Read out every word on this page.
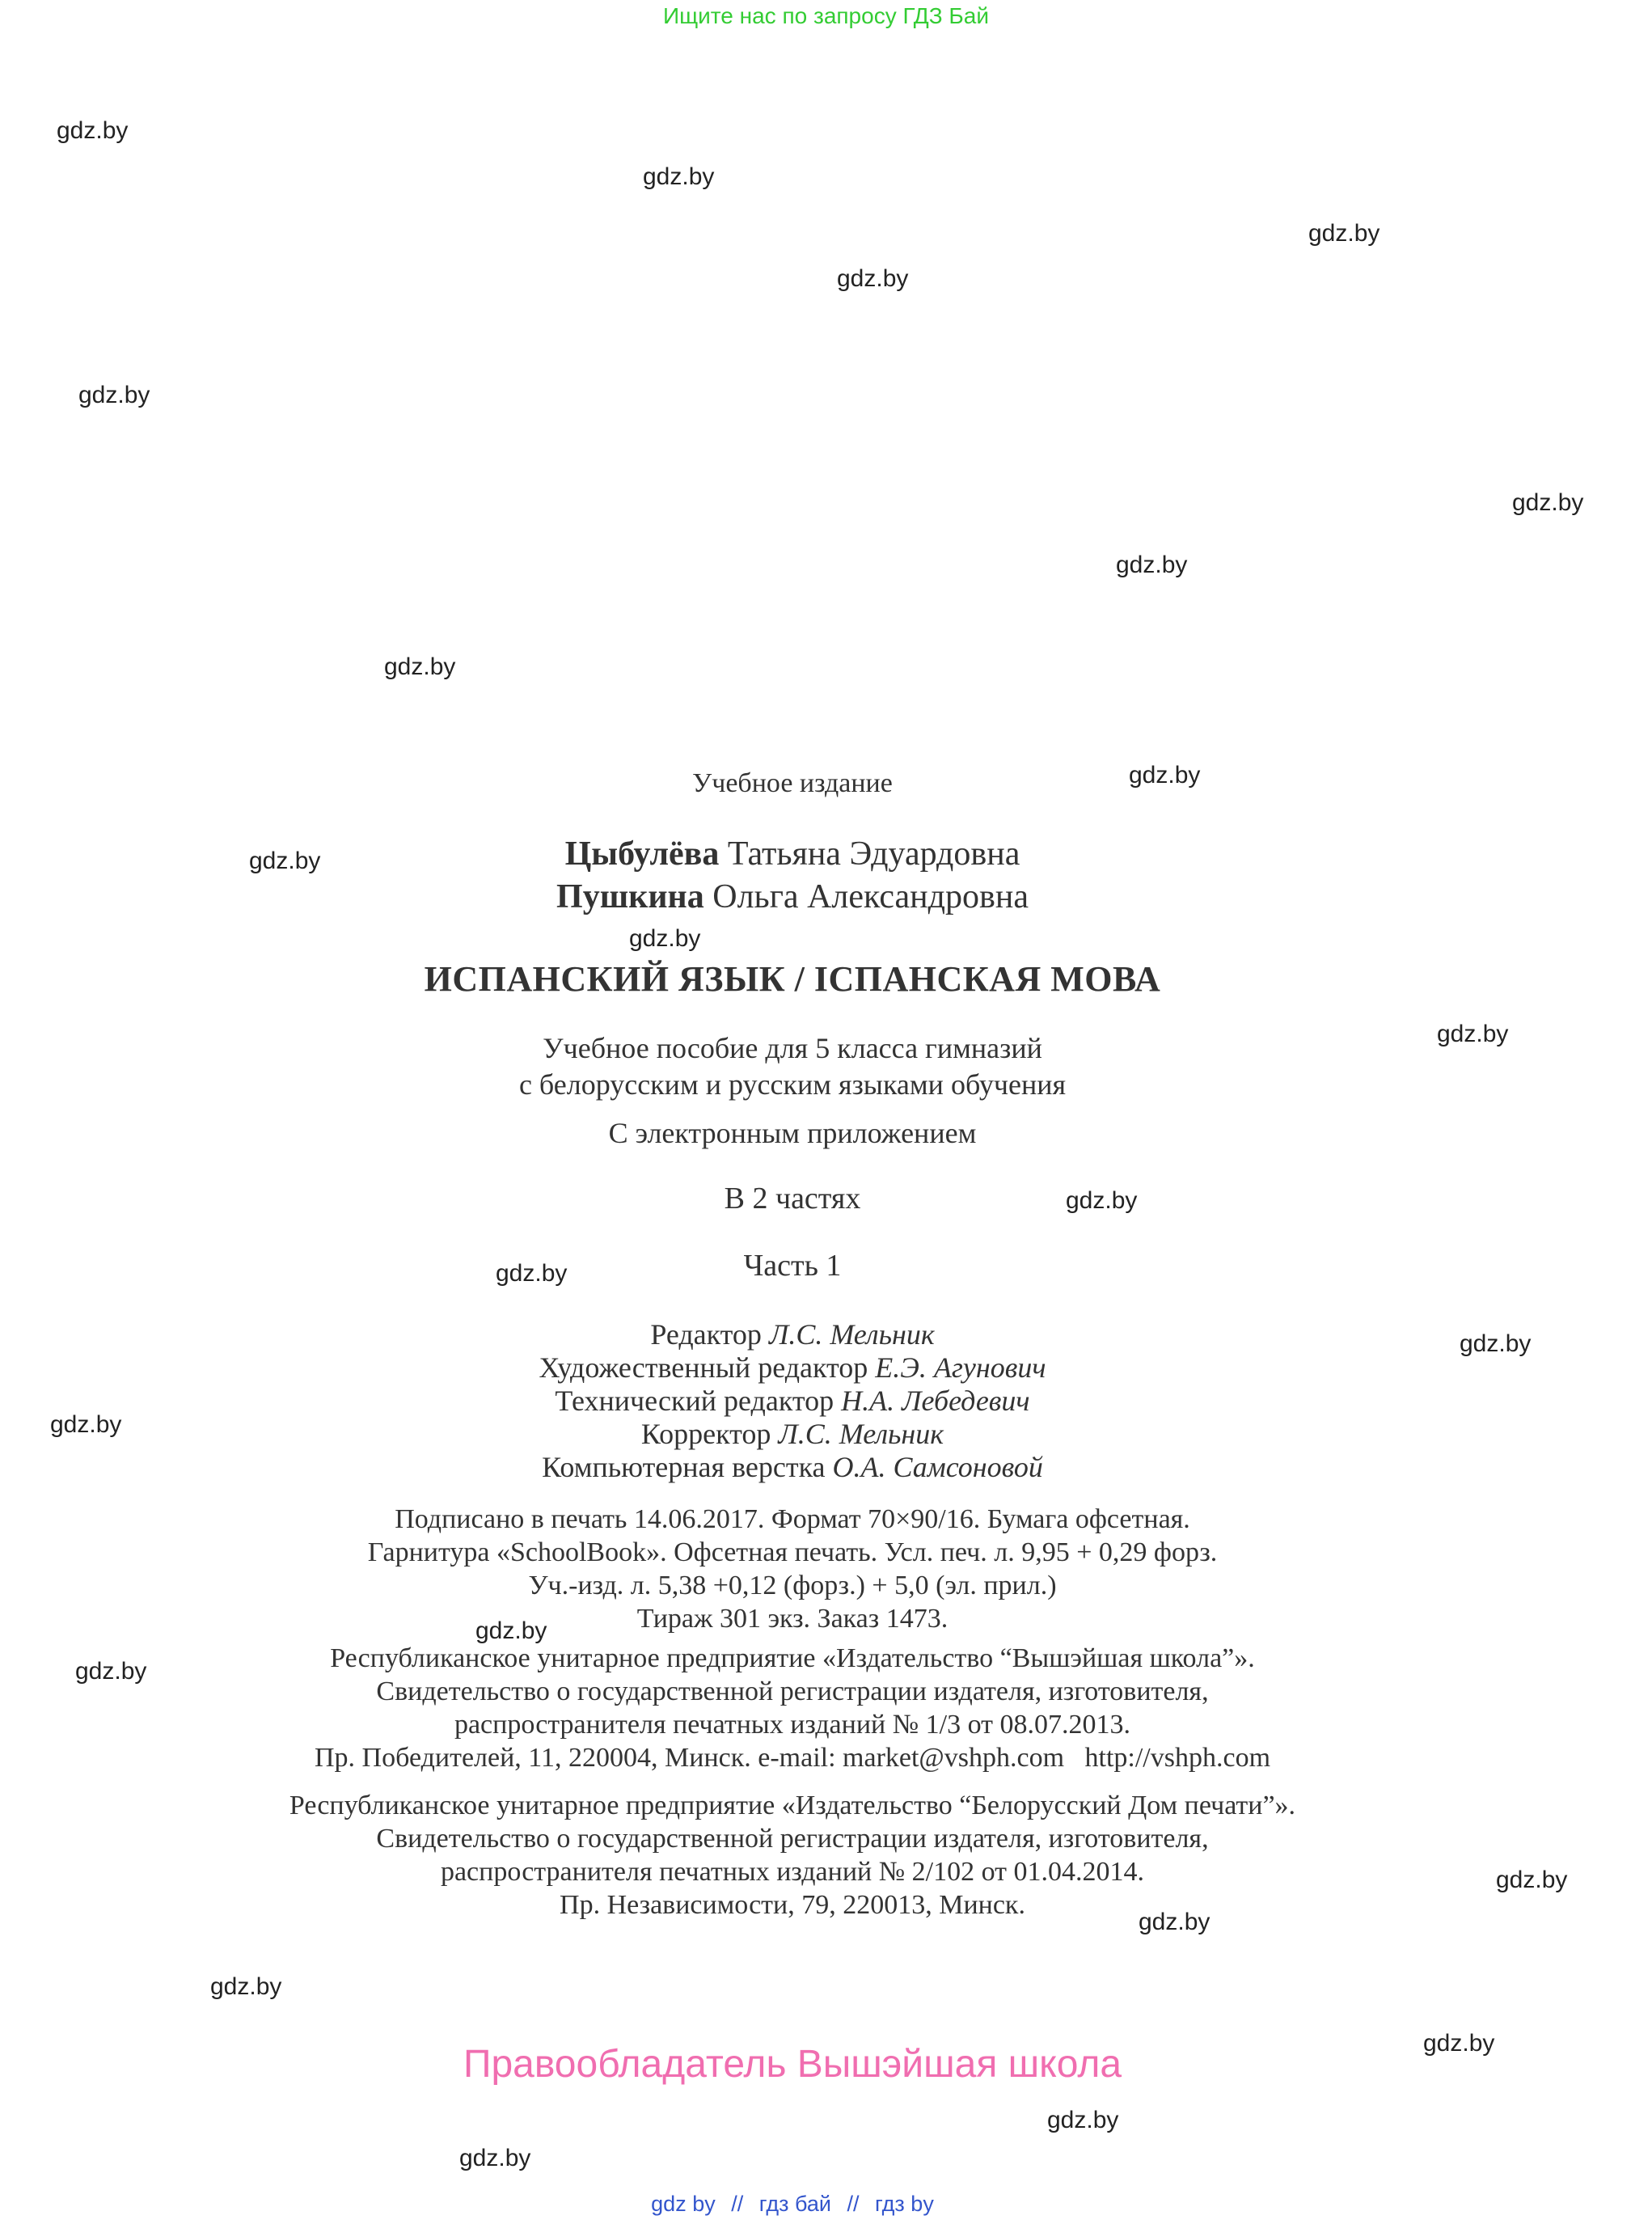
Ищите нас по запросу ГДЗ Бай
gdz.by
gdz.by
gdz.by
gdz.by
gdz.by
gdz.by
gdz.by
gdz.by
gdz.by
gdz.by
gdz.by
gdz.by
gdz.by
gdz.by
gdz.by
gdz.by
gdz.by
gdz.by
gdz.by
gdz.by
gdz.by
gdz.by
gdz.by
gdz.by
Учебное издание
Цыбулёва Татьяна Эдуардовна
Пушкина Ольга Александровна
ИСПАНСКИЙ ЯЗЫК / ІСПАНСКАЯ МОВА
Учебное пособие для 5 класса гимназий
с белорусским и русским языками обучения
С электронным приложением
В 2 частях
Часть 1
Редактор Л.С. Мельник
Художественный редактор Е.Э. Агунович
Технический редактор Н.А. Лебедевич
Корректор Л.С. Мельник
Компьютерная верстка О.А. Самсоновой
Подписано в печать 14.06.2017. Формат 70×90/16. Бумага офсетная.
Гарнитура «SchoolBook». Офсетная печать. Усл. печ. л. 9,95 + 0,29 форз.
Уч.-изд. л. 5,38 +0,12 (форз.) + 5,0 (эл. прил.)
Тираж 301 экз. Заказ 1473.
Республиканское унитарное предприятие «Издательство “Вышэйшая школа”».
Свидетельство о государственной регистрации издателя, изготовителя,
распространителя печатных изданий № 1/3 от 08.07.2013.
Пр. Победителей, 11, 220004, Минск. e-mail: market@vshph.com   http://vshph.com
Республиканское унитарное предприятие «Издательство “Белорусский Дом печати”».
Свидетельство о государственной регистрации издателя, изготовителя,
распространителя печатных изданий № 2/102 от 01.04.2014.
Пр. Независимости, 79, 220013, Минск.
Правообладатель Вышэйшая школа
gdz by // гдз бай // гдз by
